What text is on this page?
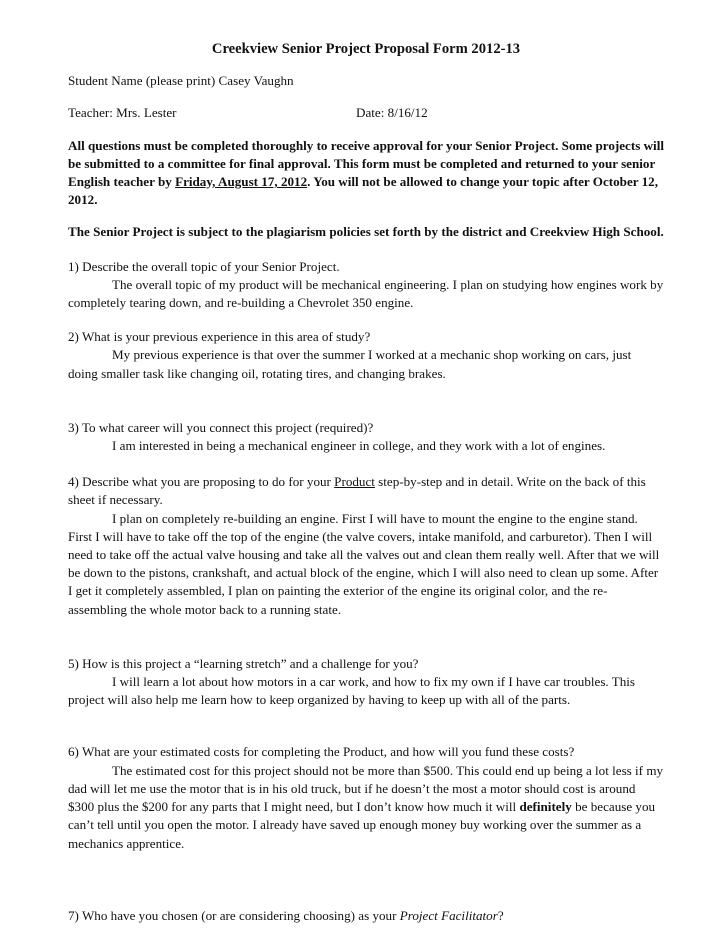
Creekview Senior Project Proposal Form 2012-13

Student Name (please print) Casey Vaughn

Teacher: Mrs. Lester	Date: 8/16/12

All questions must be completed thoroughly to receive approval for your Senior Project. Some projects will be submitted to a committee for final approval. This form must be completed and returned to your senior English teacher by Friday, August 17, 2012. You will not be allowed to change your topic after October 12, 2012.

The Senior Project is subject to the plagiarism policies set forth by the district and Creekview High School.

1) Describe the overall topic of your Senior Project.

The overall topic of my product will be mechanical engineering. I plan on studying how engines work by completely tearing down, and re-building a Chevrolet 350 engine.

2) What is your previous experience in this area of study?

My previous experience is that over the summer I worked at a mechanic shop working on cars, just doing smaller task like changing oil, rotating tires, and changing brakes.

3) To what career will you connect this project (required)?

I am interested in being a mechanical engineer in college, and they work with a lot of engines.

4) Describe what you are proposing to do for your Product step-by-step and in detail. Write on the back of this sheet if necessary.

I plan on completely re-building an engine. First I will have to mount the engine to the engine stand. First I will have to take off the top of the engine (the valve covers, intake manifold, and carburetor). Then I will need to take off the actual valve housing and take all the valves out and clean them really well. After that we will be down to the pistons, crankshaft, and actual block of the engine, which I will also need to clean up some. After I get it completely assembled, I plan on painting the exterior of the engine its original color, and the re-assembling the whole motor back to a running state.

5) How is this project a “learning stretch” and a challenge for you?

I will learn a lot about how motors in a car work, and how to fix my own if I have car troubles. This project will also help me learn how to keep organized by having to keep up with all of the parts.

6) What are your estimated costs for completing the Product, and how will you fund these costs?

The estimated cost for this project should not be more than $500. This could end up being a lot less if my dad will let me use the motor that is in his old truck, but if he doesn’t the most a motor should cost is around $300 plus the $200 for any parts that I might need, but I don’t know how much it will definitely be because you can’t tell until you open the motor. I already have saved up enough money buy working over the summer as a mechanics apprentice.

7) Who have you chosen (or are considering choosing) as your Project Facilitator?
